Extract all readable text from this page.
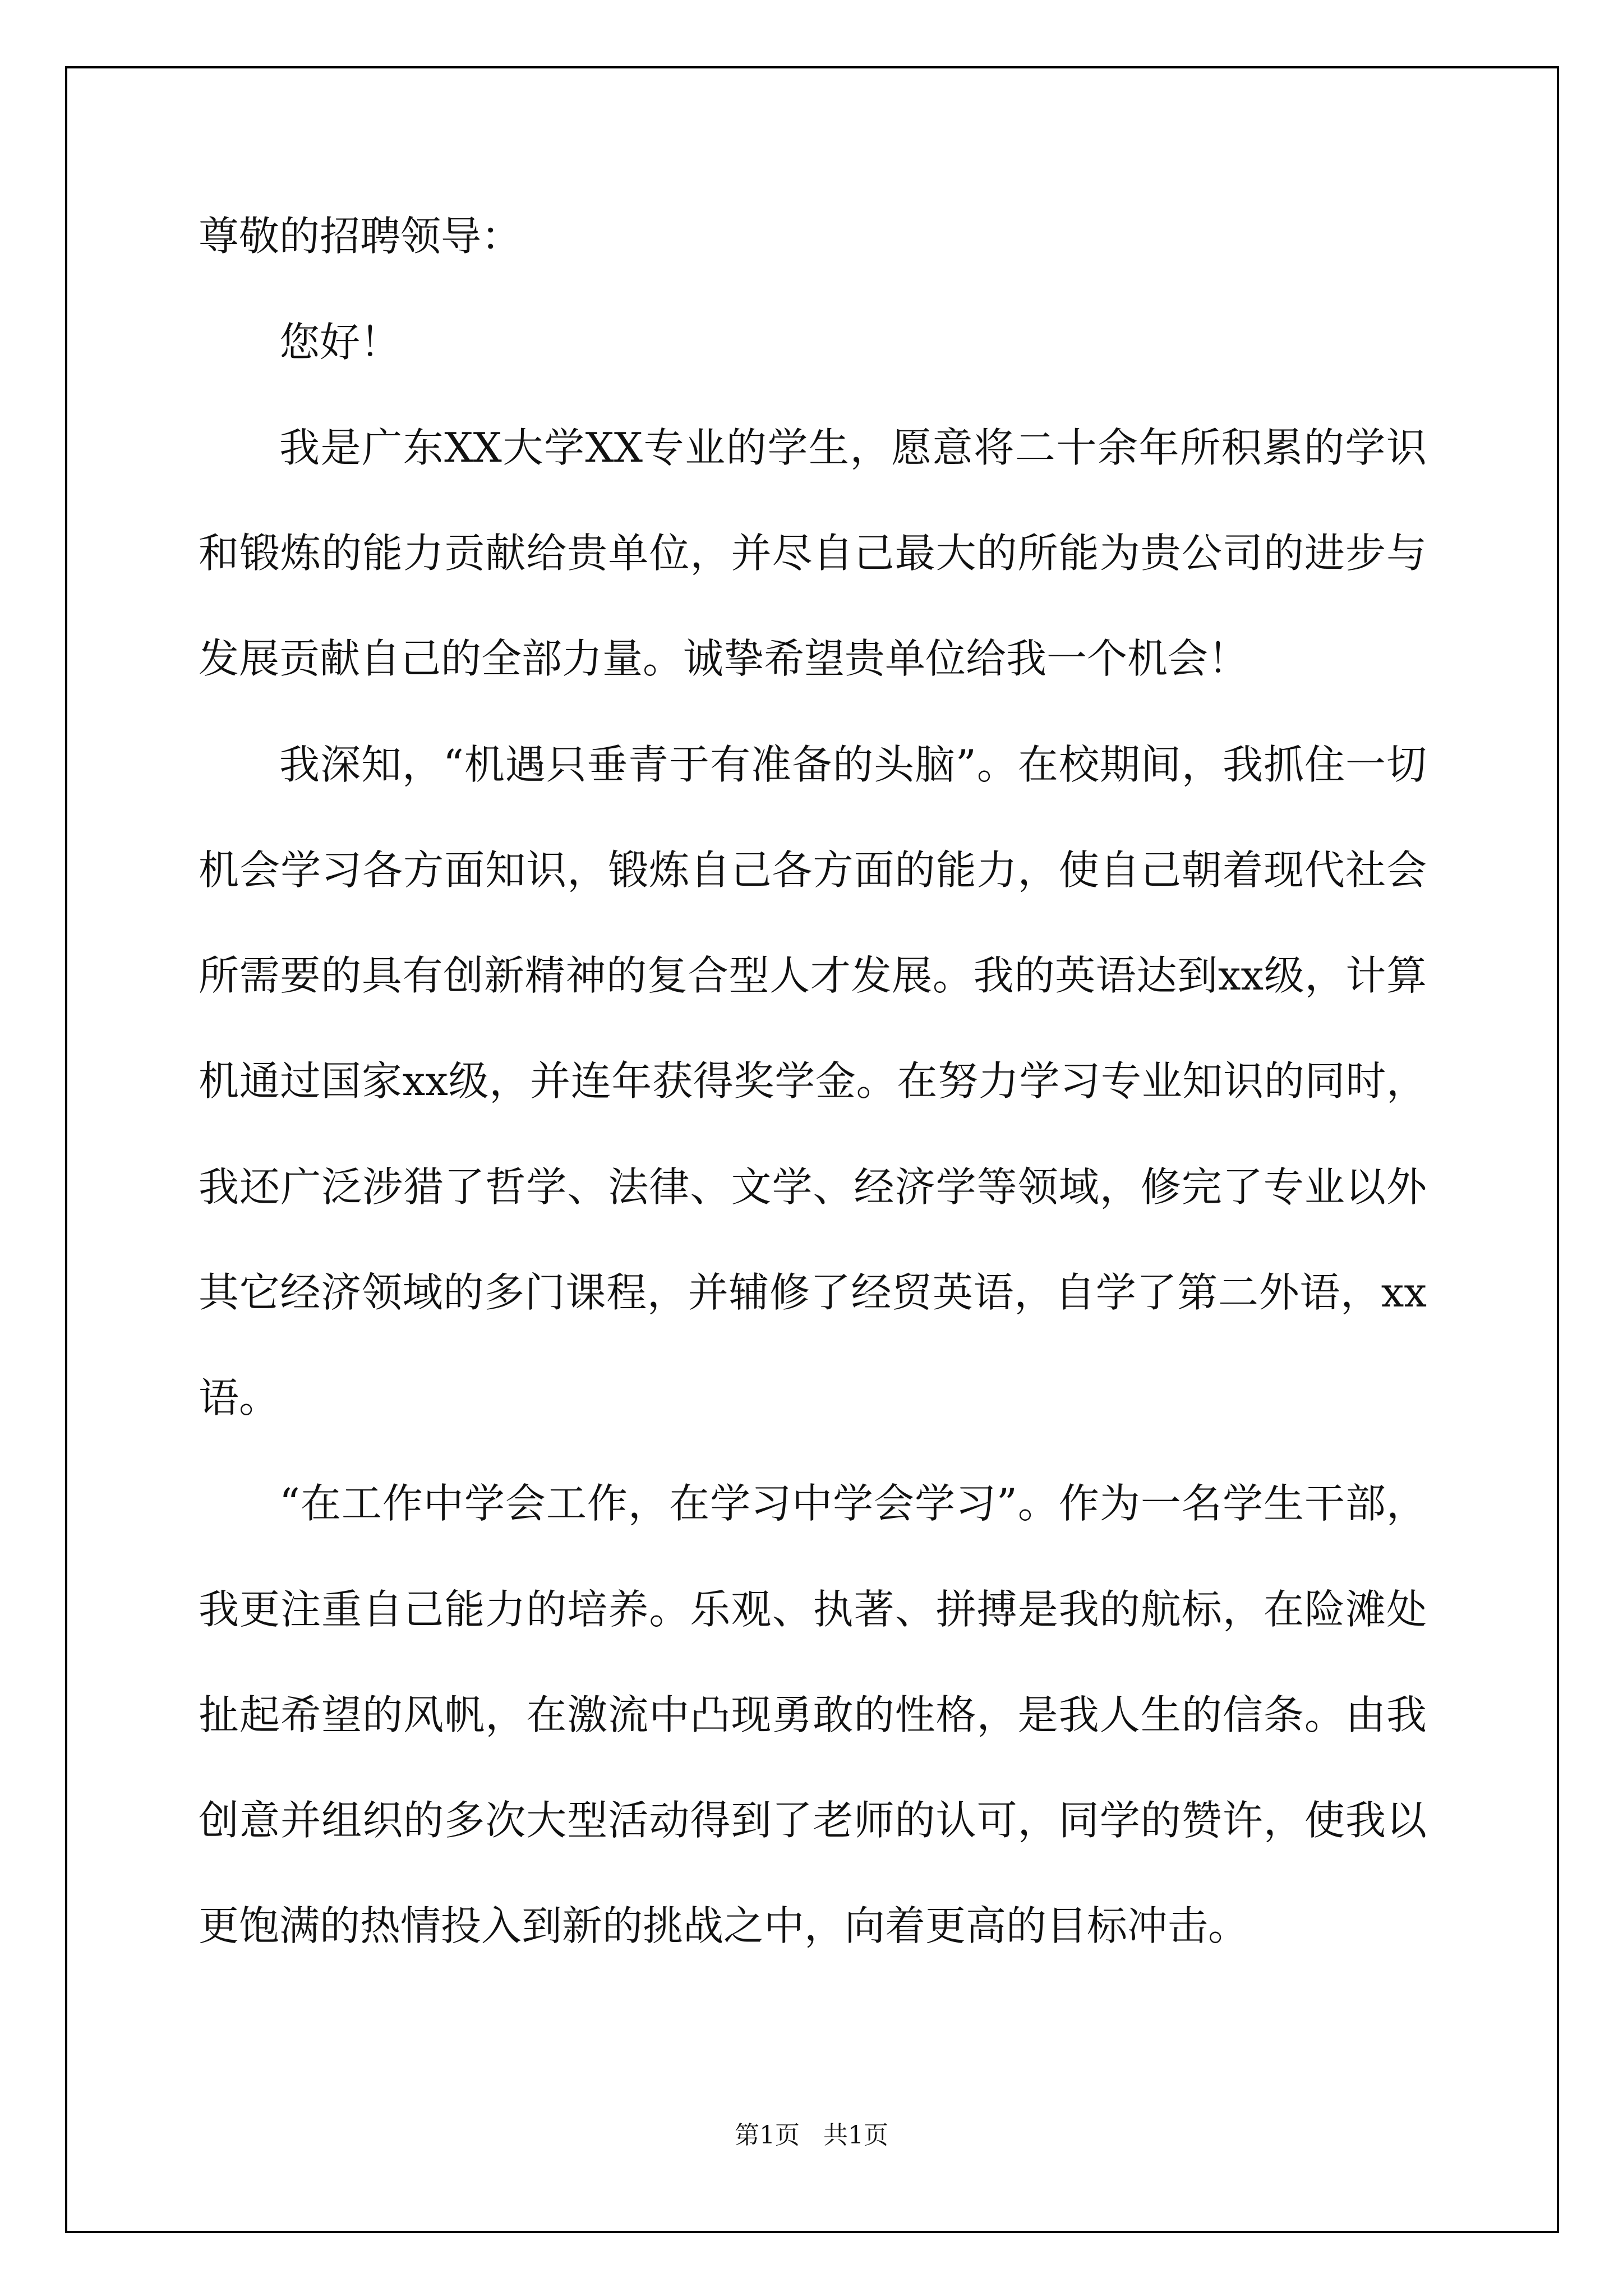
尊敬的招聘领导：
您好！
我是广东XX大学XX专业的学生，愿意将二十余年所积累的学识
和锻炼的能力贡献给贵单位，并尽自己最大的所能为贵公司的进步与
发展贡献自己的全部力量。诚挚希望贵单位给我一个机会！
我深知，“机遇只垂青于有准备的头脑”。在校期间，我抓住一切
机会学习各方面知识，锻炼自己各方面的能力，使自己朝着现代社会
所需要的具有创新精神的复合型人才发展。我的英语达到xx级，计算
机通过国家xx级，并连年获得奖学金。在努力学习专业知识的同时，
我还广泛涉猎了哲学、法律、文学、经济学等领域，修完了专业以外
其它经济领域的多门课程，并辅修了经贸英语，自学了第二外语，xx
语。
“在工作中学会工作，在学习中学会学习”。作为一名学生干部，
我更注重自己能力的培养。乐观、执著、拼搏是我的航标，在险滩处
扯起希望的风帆，在激流中凸现勇敢的性格，是我人生的信条。由我
创意并组织的多次大型活动得到了老师的认可，同学的赞许，使我以
更饱满的热情投入到新的挑战之中，向着更高的目标冲击。
第1页   共1页
